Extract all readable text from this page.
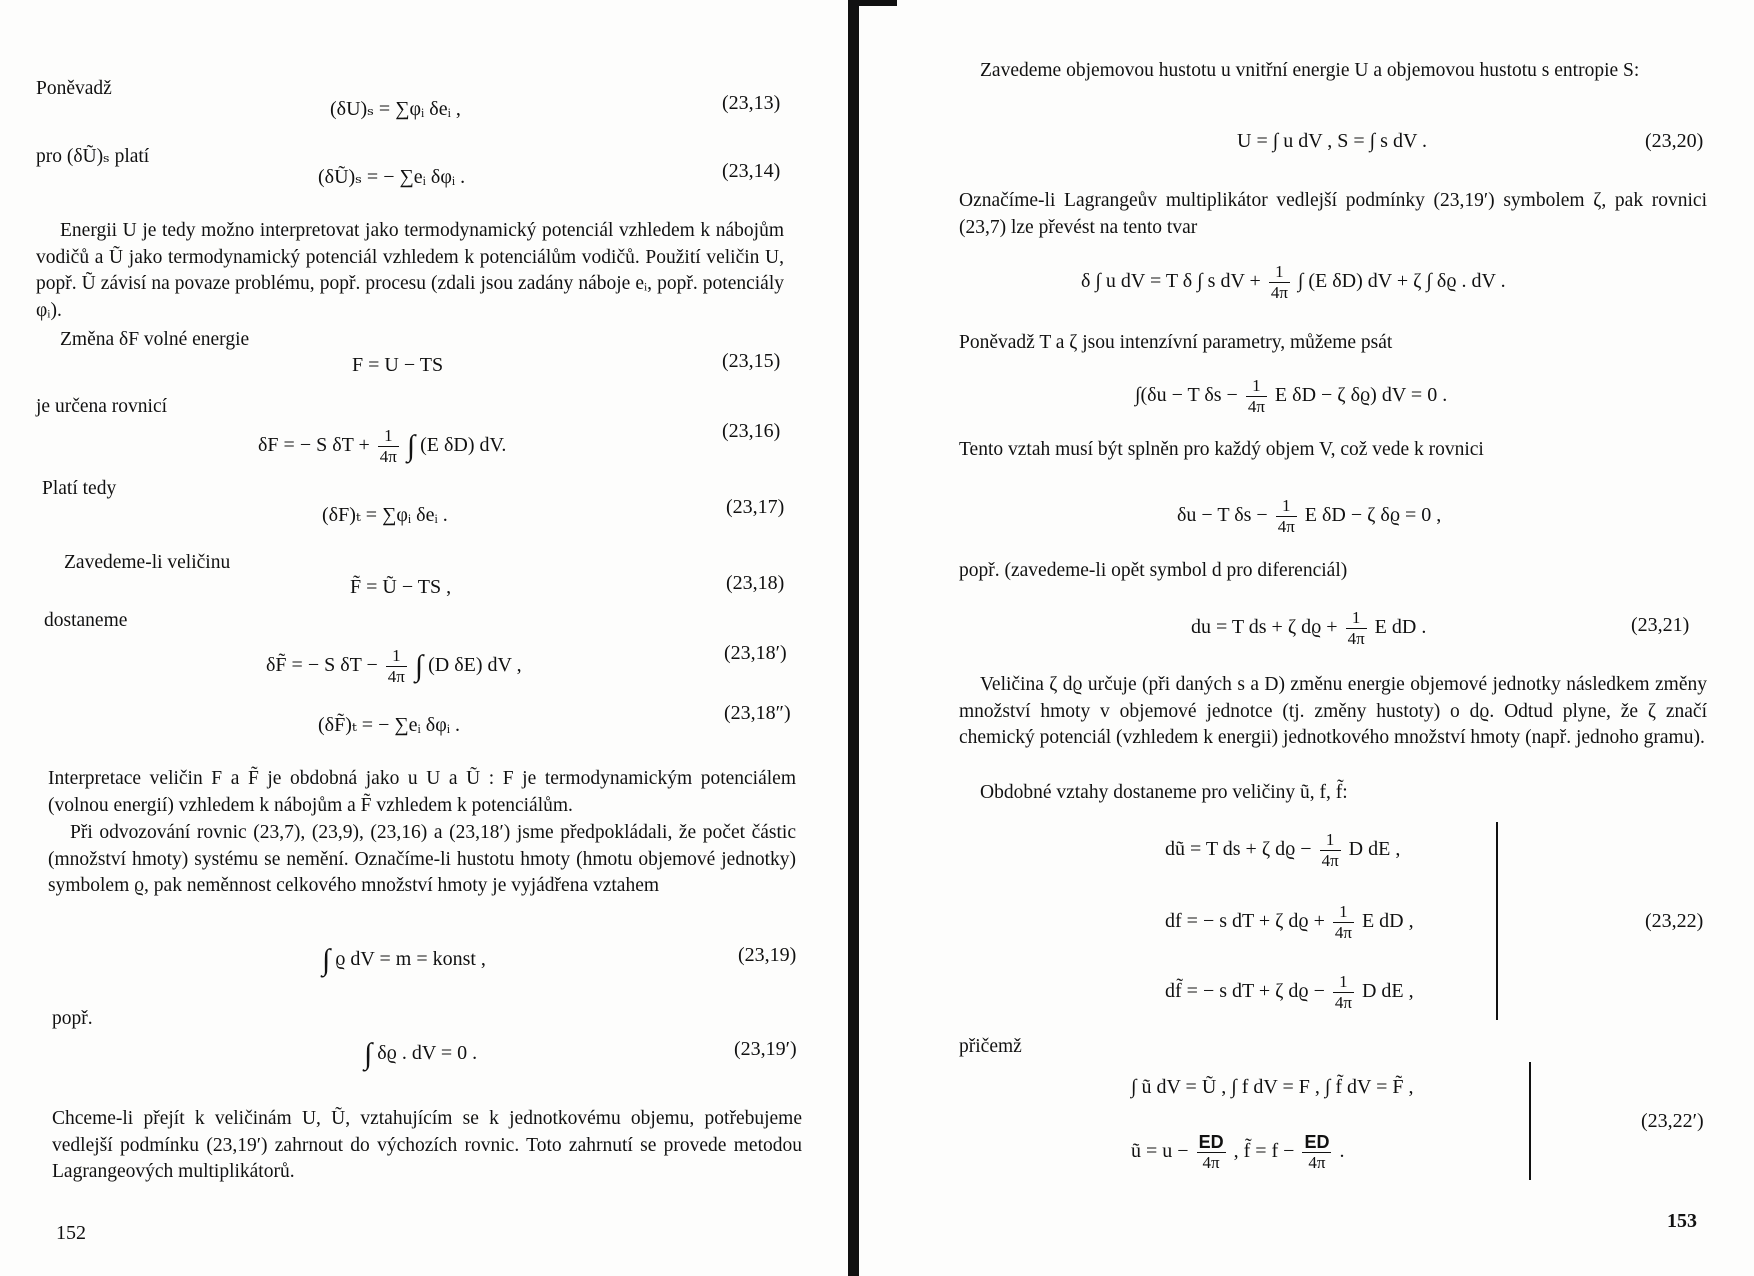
Poněvadž
(δU)ₛ = ∑φᵢ δeᵢ ,	(23,13)
pro (δŨ)ₛ platí
(δŨ)ₛ = − ∑eᵢ δφᵢ .	(23,14)
Energii U je tedy možno interpretovat jako termodynamický potenciál vzhledem k nábojům vodičů a Ũ jako termodynamický potenciál vzhledem k potenciálům vodičů. Použití veličin U, popř. Ũ závisí na povaze problému, popř. procesu (zdali jsou zadány náboje eᵢ, popř. potenciály φᵢ).
Změna δF volné energie
F = U − TS	(23,15)
je určena rovnicí
δF = − S $\delta T + \frac{1}{4\pi}$ ∫ (E δD) dV.
(23,16)
Platí tedy
(δF)ₜ = ∑φᵢ δeᵢ .	(23,17)
Zavedeme-li veličinu
F̃ = Ũ − TS ,	(23,18)
dostaneme
δF̃ = − S $\delta T - \frac{1}{4\pi}$ ∫ (D δE) dV ,
(23,18′)
(δF̃)ₜ = − ∑eᵢ δφᵢ .
(23,18″)
Interpretace veličin F a F̃ je obdobná jako u U a Ũ : F je termodynamickým potenciálem (volnou energií) vzhledem k nábojům a F̃ vzhledem k potenciálům.
Při odvozování rovnic (23,7), (23,9), (23,16) a (23,18′) jsme předpokládali, že počet částic (množství hmoty) systému se nemění. Označíme-li hustotu hmoty (hmotu objemové jednotky) symbolem ϱ, pak neměnnost celkového množství hmoty je vyjádřena vztahem
∫ ϱ dV = m = konst ,	(23,19)
popř.
∫ δϱ . dV = 0 .	(23,19′)
Chceme-li přejít k veličinám U, Ũ, vztahujícím se k jednotkovému objemu, potřebujeme vedlejší podmínku (23,19′) zahrnout do výchozích rovnic. Toto zahrnutí se provede metodou Lagrangeových multiplikátorů.
152
Zavedeme objemovou hustotu u vnitřní energie U a objemovou hustotu s entropie S:
U = ∫ u dV , S = ∫ s dV .	(23,20)
Označíme-li Lagrangeův multiplikátor vedlejší podmínky (23,19′) symbolem ζ, pak rovnici (23,7) lze převést na tento tvar
δ ∫ u dV = T δ ∫ s dV + $\frac{1}{4\pi}$ ∫ (E δD) dV + ζ ∫ δϱ . dV .
Poněvadž T a ζ jsou intenzívní parametry, můžeme psát
∫(δu − T $\delta s - \frac{1}{4\pi}$ E δD − ζ δϱ) dV = 0 .
Tento vztah musí být splněn pro každý objem V, což vede k rovnici
δu − T $\delta s - \frac{1}{4\pi}$ E δD − ζ δϱ = 0 ,
popř. (zavedeme-li opět symbol d pro diferenciál)
du = T ds + ζ $dϱ + \frac{1}{4\pi}$ E dD .	(23,21)
Veličina ζ dϱ určuje (při daných s a D) změnu energie objemové jednotky následkem změny množství hmoty v objemové jednotce (tj. změny hustoty) o dϱ. Odtud plyne, že ζ značí chemický potenciál (vzhledem k energii) jednotkového množství hmoty (např. jednoho gramu).
Obdobné vztahy dostaneme pro veličiny ũ, f, f̃:
dũ = T ds + ζ $dϱ - \frac{1}{4\pi}$ D dE ,
df = − s dT + ζ $dϱ + \frac{1}{4\pi}$ E dD ,
df̃ = − s dT + ζ $dϱ - \frac{1}{4\pi}$ D dE ,
(23,22)
přičemž
∫ ũ dV = Ũ , ∫ f dV = F , ∫ f̃ dV = F̃ ,
ũ = $u - \frac{ED}{4\pi}$ , f̃ = $f - \frac{ED}{4\pi}$ .
(23,22′)
153
